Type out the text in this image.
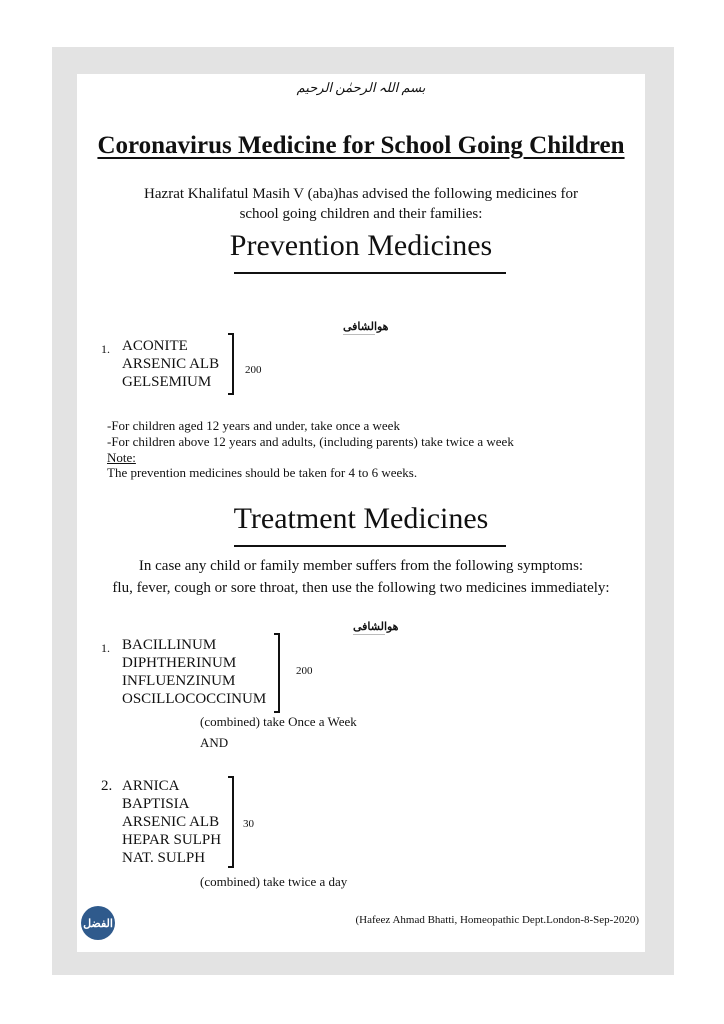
بسم اللہ الرحمٰن الرحیم
Coronavirus Medicine for School Going Children
Hazrat Khalifatul Masih V (aba)has advised the following medicines for
school going children and their families:
Prevention Medicines
هوالشافی
1. ACONITE
ARSENIC ALB
GELSEMIUM
200
-For children aged 12 years and under, take once a week
-For children above 12 years and adults, (including parents) take twice a week
Note:
The prevention medicines should be taken for 4 to 6 weeks.
Treatment Medicines
In case any child or family member suffers from the following symptoms:
flu, fever, cough or sore throat, then use the following two medicines immediately:
هوالشافی
1. BACILLINUM
DIPHTHERINUM
INFLUENZINUM
OSCILLOCOCCINUM
200
(combined) take Once a Week
AND
2. ARNICA
BAPTISIA
ARSENIC ALB
HEPAR SULPH
NAT. SULPH
30
(combined) take twice a day
الفضل	(Hafeez Ahmad Bhatti, Homeopathic Dept.London-8-Sep-2020)
